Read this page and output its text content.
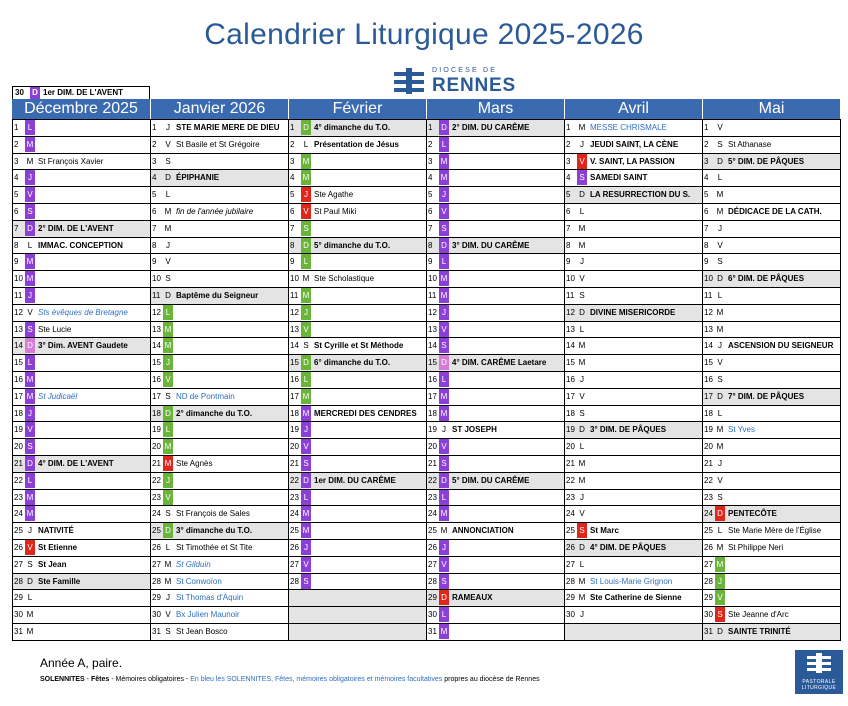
Calendrier Liturgique 2025-2026
DIOCESE DE
RENNES
30 D 1er DIM. DE L'AVENT
Décembre 2025	Janvier 2026	Février	Mars	Avril	Mai
1	L
2	M
3	M St François Xavier
4	J
5	V
6	S
7	D 2° DIM. DE L'AVENT
8	L IMMAC. CONCEPTION
9	M
10 M
11 J
12 V Sts évêques de Bretagne
13 S Ste Lucie
14 D 3° Dim. AVENT Gaudete
15 L
16 M
17 M St Judicaël
18 J
19 V
20 S
21 D 4° DIM. DE L'AVENT
22 L
23 M
24 M
25 J NATIVITÉ
26 V St Etienne
27 S St Jean
28 D Ste Famille
29 L
30 M
31 M
1	J STE MARIE MERE DE DIEU
2	V St Basile et St Grégoire
3	S
4	D ÉPIPHANIE
5	L
6	M fin de l'année jubilaire
7	M
8	J
9	V
10 S
11 D Baptême du Seigneur
12 L
13 M
14 M
15 J
16 V
17 S ND de Pontmain
18 D 2° dimanche du T.O.
19 L
20 M
21 M Ste Agnès
22 J
23 V
24 S St François de Sales
25 D 3° dimanche du T.O.
26 L St Timothée et St Tite
27 M St Gilduin
28 M St Conwoïon
29 J St Thomas d'Aquin
30 V Bx Julien Maunoir
31 S St Jean Bosco
1	D 4° dimanche du T.O.
2	L Présentation de Jésus
3	M
4	M
5	J Ste Agathe
6	V St Paul Miki
7	S
8	D 5° dimanche du T.O.
9	L
10 M Ste Scholastique
11 M
12 J
13 V
14 S St Cyrille et St Méthode
15 D 6° dimanche du T.O.
16 L
17 M
18 M MERCREDI DES CENDRES
19 J
20 V
21 S
22 D 1er DIM. DU CARÊME
23 L
24 M
25 M
26 J
27 V
28 S
1	D 2° DIM. DU CARÊME
2	L
3	M
4	M
5	J
6	V
7	S
8	D 3° DIM. DU CARÊME
9	L
10 M
11 M
12 J
13 V
14 S
15 D 4° DIM. CARÊME Laetare
16 L
17 M
18 M
19 J ST JOSEPH
20 V
21 S
22 D 5° DIM. DU CARÊME
23 L
24 M
25 M ANNONCIATION
26 J
27 V
28 S
29 D RAMEAUX
30 L
31 M
1	M MESSE CHRISMALE
2	J JEUDI SAINT, LA CÈNE
3	V V. SAINT, LA PASSION
4	S SAMEDI SAINT
5	D LA RESURRECTION DU S.
6	L
7	M
8	M
9	J
10 V
11 S
12 D DIVINE MISERICORDE
13 L
14 M
15 M
16 J
17 V
18 S
19 D 3° DIM. DE PÂQUES
20 L
21 M
22 M
23 J
24 V
25 S St Marc
26 D 4° DIM. DE PÂQUES
27 L
28 M St Louis-Marie Grignon
29 M Ste Catherine de Sienne
30 J
1	V
2	S St Athanase
3	D 5° DIM. DE PÂQUES
4	L
5	M
6	M DÉDICACE DE LA CATH.
7	J
8	V
9	S
10 D 6° DIM. DE PÂQUES
11 L
12 M
13 M
14 J ASCENSION DU SEIGNEUR
15 V
16 S
17 D 7° DIM. DE PÂQUES
18 L
19 M St Yves
20 M
21 J
22 V
23 S
24 D PENTECÔTE
25 L Ste Marie Mère de l'Église
26 M St Philippe Neri
27 M
28 J
29 V
30 S Ste Jeanne d'Arc
31 D SAINTE TRINITÉ
Année A, paire.
SOLENNITES - Fêtes - Mémoires obligatoires - En bleu les SOLENNITES, Fêtes, mémoires obligatoires et mémoires facultatives propres au diocèse de Rennes	PASTORALE
LITURGIQUE
